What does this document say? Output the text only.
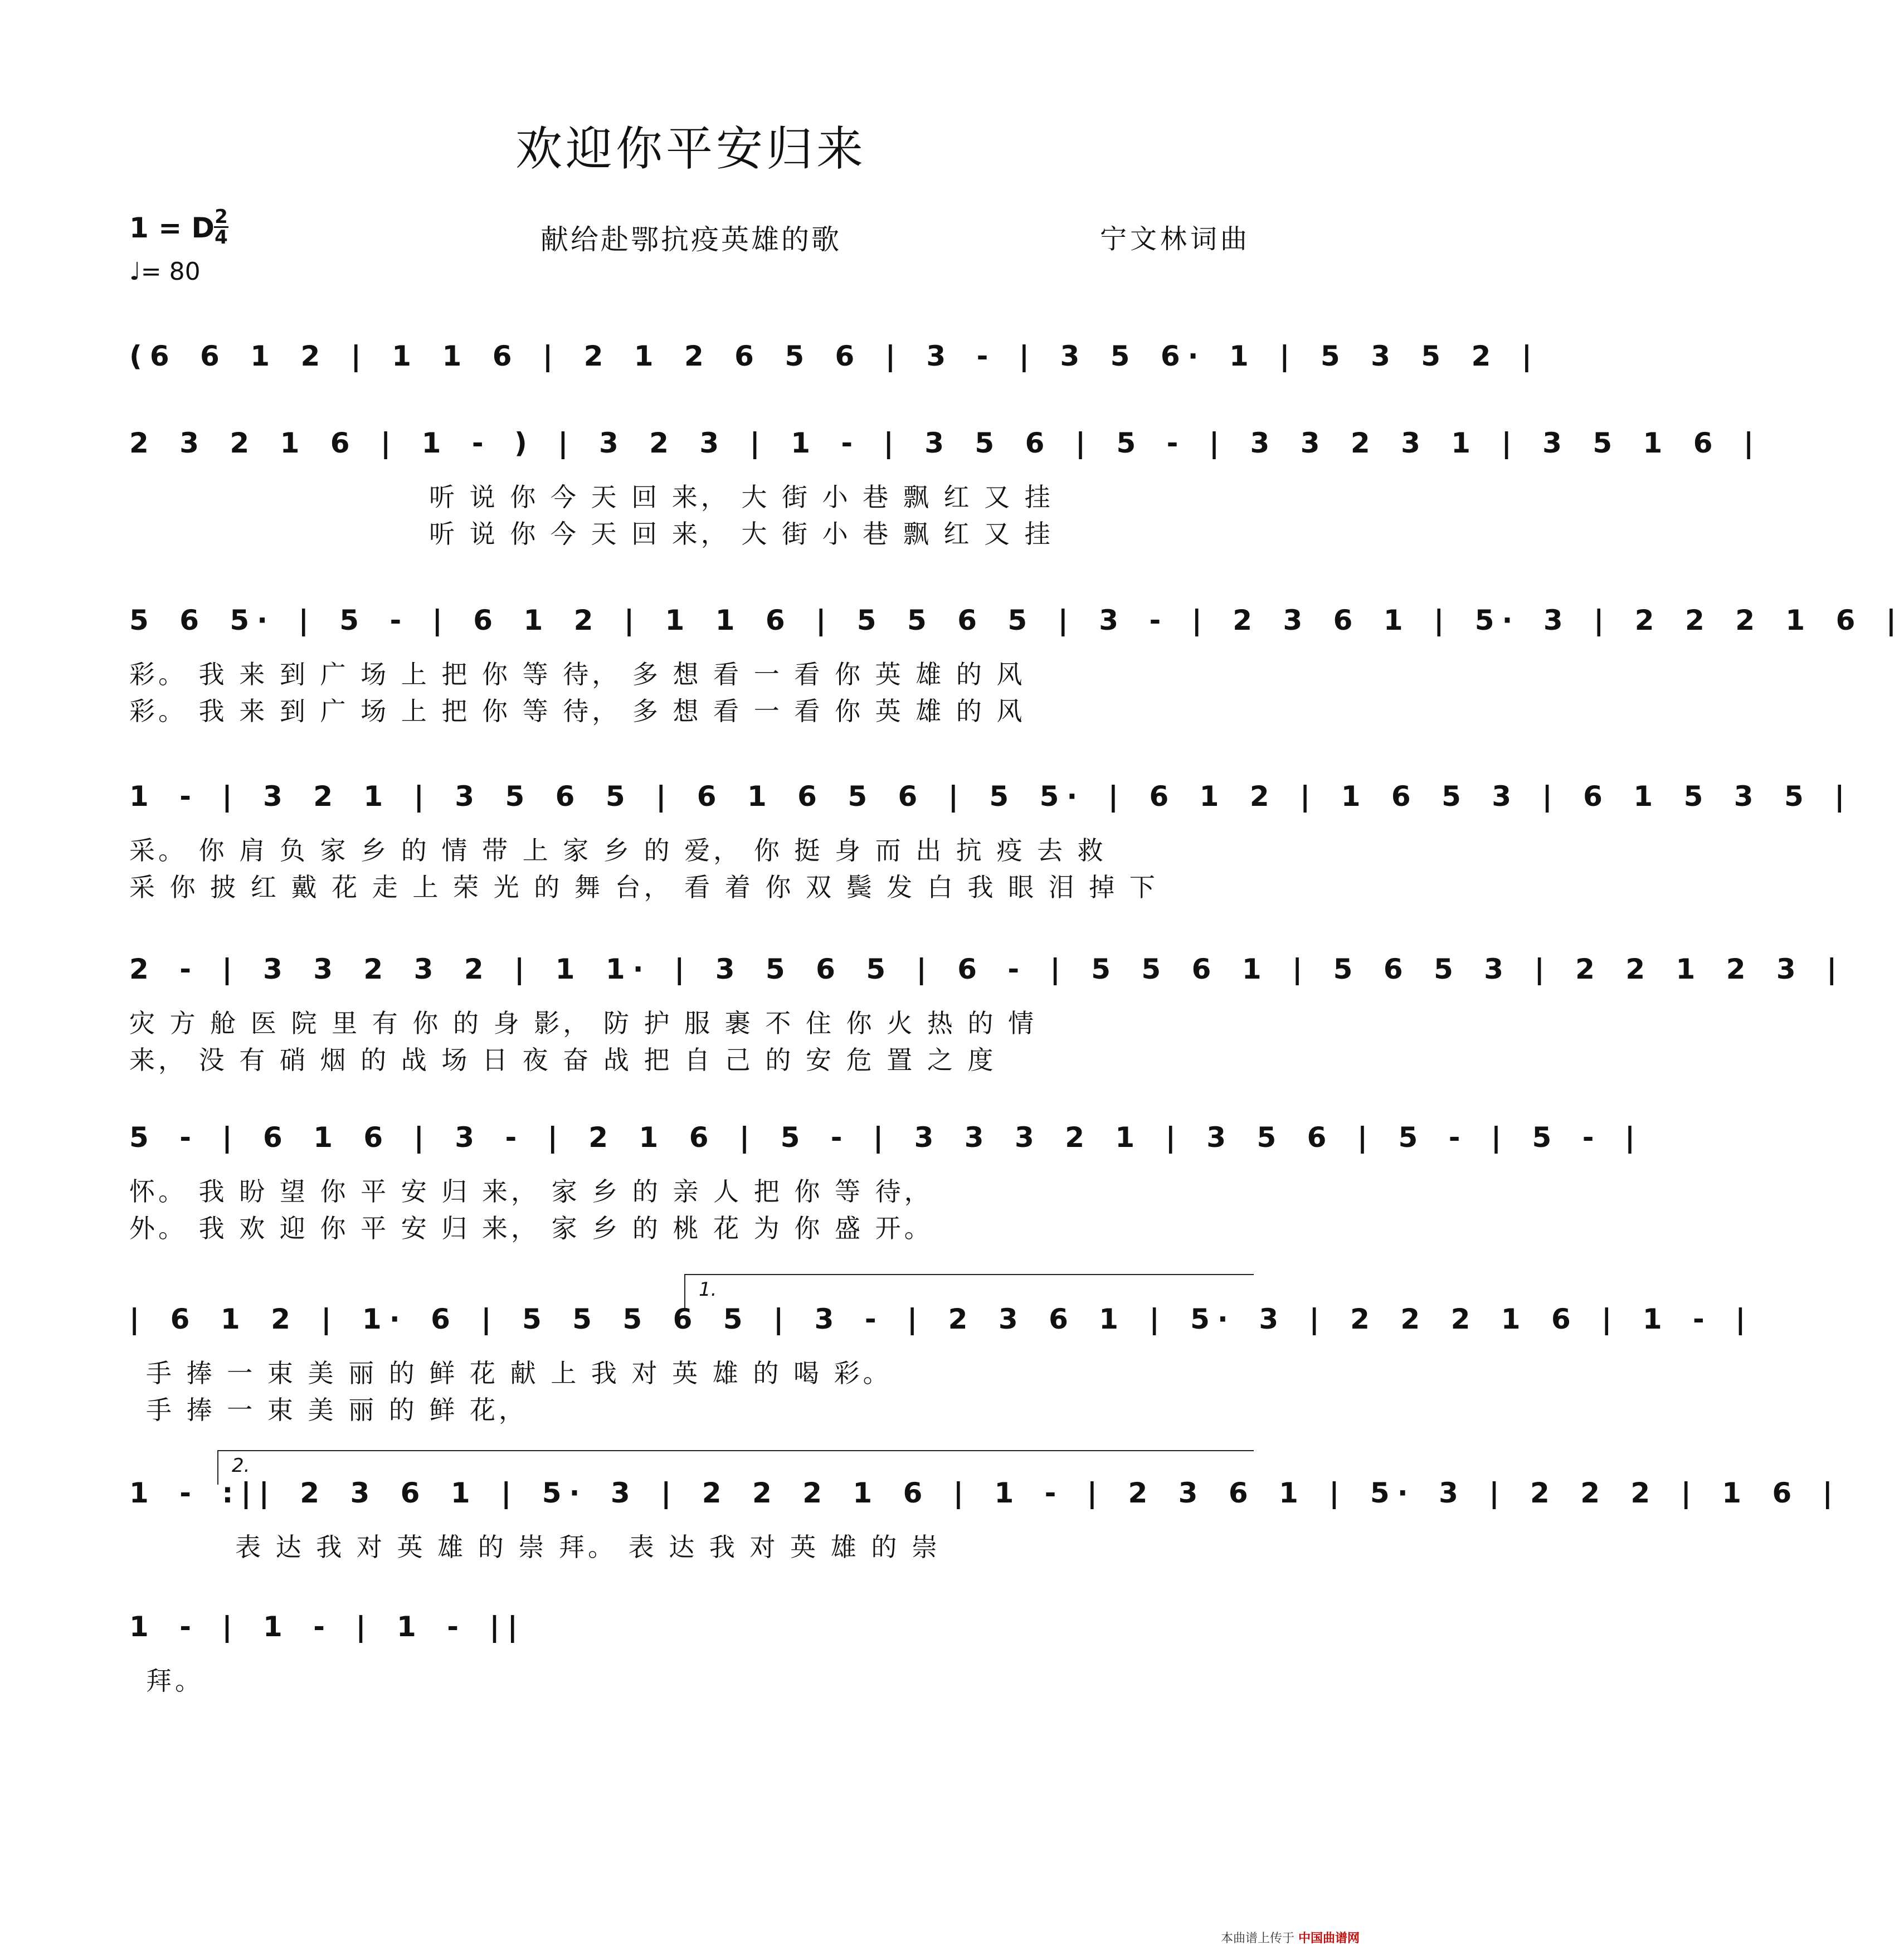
欢迎你平安归来
1 = D 2
4
♩= 80
献给赴鄂抗疫英雄的歌	宁文林词曲
(6 6 1 2 | 1 1 6 | 2 1 2 6 5 6 | 3 - | 3 5 6· 1 | 5 3 5 2 |
2 3 2 1 6 | 1 - ) | 3 2 3 | 1 - | 3 5 6 | 5 - | 3 3 2 3 1 | 3 5 1 6 |
听 说 你 今 天 回 来， 大 街 小 巷 飘 红 又 挂
听 说 你 今 天 回 来， 大 街 小 巷 飘 红 又 挂
5 6 5· | 5 - | 6 1 2 | 1 1 6 | 5 5 6 5 | 3 - | 2 3 6 1 | 5· 3 | 2 2 2 1 6 |
彩。 我 来 到 广 场 上 把 你 等 待， 多 想 看 一 看 你 英 雄 的 风
彩。 我 来 到 广 场 上 把 你 等 待， 多 想 看 一 看 你 英 雄 的 风
1 - | 3 2 1 | 3 5 6 5 | 6 1 6 5 6 | 5 5· | 6 1 2 | 1 6 5 3 | 6 1 5 3 5 |
采。 你 肩 负 家 乡 的 情 带 上 家 乡 的 爱， 你 挺 身 而 出 抗 疫 去 救
采 你 披 红 戴 花 走 上 荣 光 的 舞 台， 看 着 你 双 鬓 发 白 我 眼 泪 掉 下
2 - | 3 3 2 3 2 | 1 1· | 3 5 6 5 | 6 - | 5 5 6 1 | 5 6 5 3 | 2 2 1 2 3 |
灾 方 舱 医 院 里 有 你 的 身 影， 防 护 服 裹 不 住 你 火 热 的 情
来， 没 有 硝 烟 的 战 场 日 夜 奋 战 把 自 己 的 安 危 置 之 度
5 - | 6 1 6 | 3 - | 2 1 6 | 5 - | 3 3 3 2 1 | 3 5 6 | 5 - | 5 - |
怀。 我 盼 望 你 平 安 归 来， 家 乡 的 亲 人 把 你 等 待，
外。 我 欢 迎 你 平 安 归 来， 家 乡 的 桃 花 为 你 盛 开。
1.
| 6 1 2 | 1· 6 | 5 5 5 6 5 | 3 - | 2 3 6 1 | 5· 3 | 2 2 2 1 6 | 1 - |
手 捧 一 束 美 丽 的 鲜 花 献 上 我 对 英 雄 的 喝 彩。
手 捧 一 束 美 丽 的 鲜 花，
2.
1 - :|| 2 3 6 1 | 5· 3 | 2 2 2 1 6 | 1 - | 2 3 6 1 | 5· 3 | 2 2 2 | 1 6 |
表 达 我 对 英 雄 的 崇 拜。 表 达 我 对 英 雄 的 崇
1 - | 1 - | 1 - ||
拜。
本曲谱上传于 中国曲谱网
